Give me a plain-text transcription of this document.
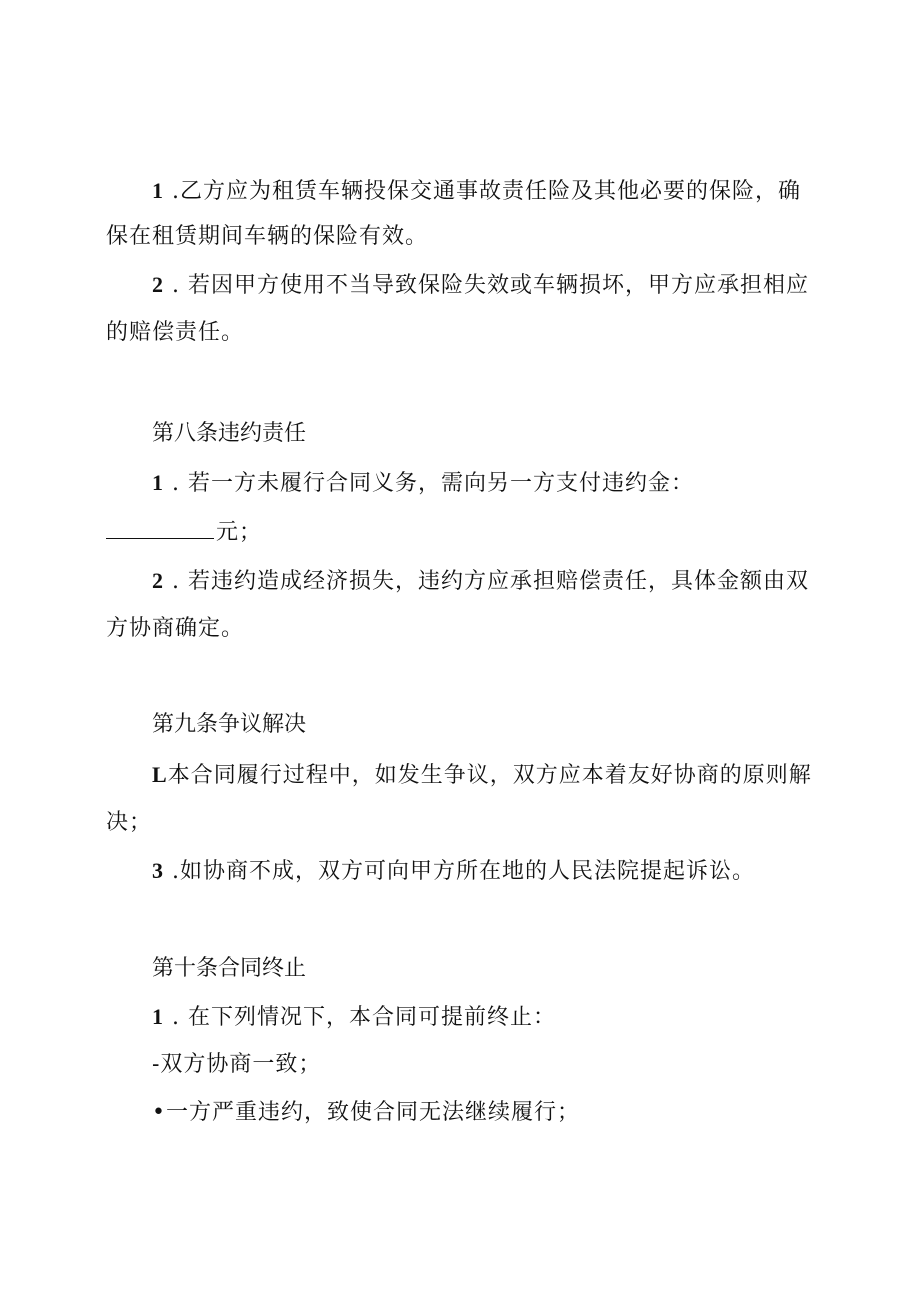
1 .乙方应为租赁车辆投保交通事故责任险及其他必要的保险，确
保在租赁期间车辆的保险有效。
2 . 若因甲方使用不当导致保险失效或车辆损坏，甲方应承担相应
的赔偿责任。
第八条违约责任
1 . 若一方未履行合同义务，需向另一方支付违约金：
元；
2 . 若违约造成经济损失，违约方应承担赔偿责任，具体金额由双
方协商确定。
第九条争议解决
L本合同履行过程中，如发生争议，双方应本着友好协商的原则解
决；
3 .如协商不成，双方可向甲方所在地的人民法院提起诉讼。
第十条合同终止
1 . 在下列情况下，本合同可提前终止：
-双方协商一致；
•一方严重违约，致使合同无法继续履行；
